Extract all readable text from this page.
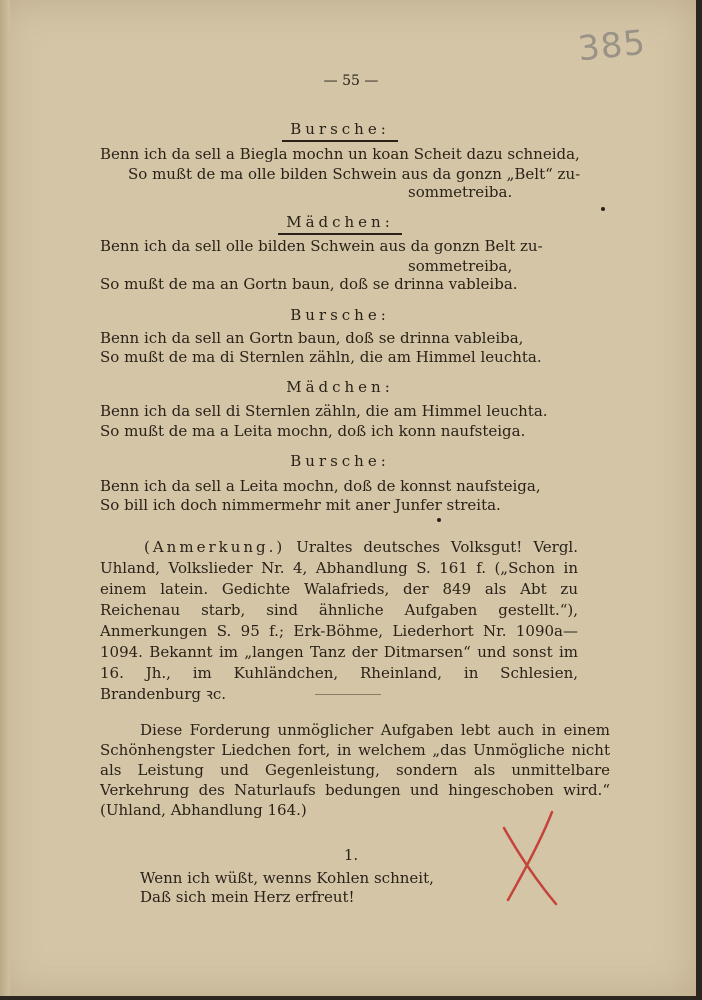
385
— 55 —
Bursche:
Benn ich da sell a Biegla mochn un koan Scheit dazu schneida,
So mußt de ma olle bilden Schwein aus da gonzn „Belt“ zu-
sommetreiba.
Mädchen:
Benn ich da sell olle bilden Schwein aus da gonzn Belt zu-
sommetreiba,
So mußt de ma an Gortn baun, doß se drinna vableiba.
Bursche:
Benn ich da sell an Gortn baun, doß se drinna vableiba,
So mußt de ma di Sternlen zähln, die am Himmel leuchta.
Mädchen:
Benn ich da sell di Sternlen zähln, die am Himmel leuchta.
So mußt de ma a Leita mochn, doß ich konn naufsteiga.
Bursche:
Benn ich da sell a Leita mochn, doß de konnst naufsteiga,
So bill ich doch nimmermehr mit aner Junfer streita.
(Anmerkung.) Uraltes deutsches Volksgut! Vergl. Uhland, Volkslieder Nr. 4, Abhandlung S. 161 f. („Schon in einem latein. Gedichte Walafrieds, der 849 als Abt zu Reichenau starb, sind ähnliche Aufgaben gestellt.“), Anmerkungen S. 95 f.; Erk-Böhme, Liederhort Nr. 1090a—1094. Bekannt im „langen Tanz der Ditmarsen“ und sonst im 16. Jh., im Kuhländchen, Rheinland, in Schlesien, Brandenburg ꝛc.
Diese Forderung unmöglicher Aufgaben lebt auch in einem Schönhengster Liedchen fort, in welchem „das Unmögliche nicht als Leistung und Gegenleistung, sondern als unmittelbare Verkehrung des Naturlaufs bedungen und hingeschoben wird.“ (Uhland, Abhandlung 164.)
1.
Wenn ich wüßt, wenns Kohlen schneit,
Daß sich mein Herz erfreut!
